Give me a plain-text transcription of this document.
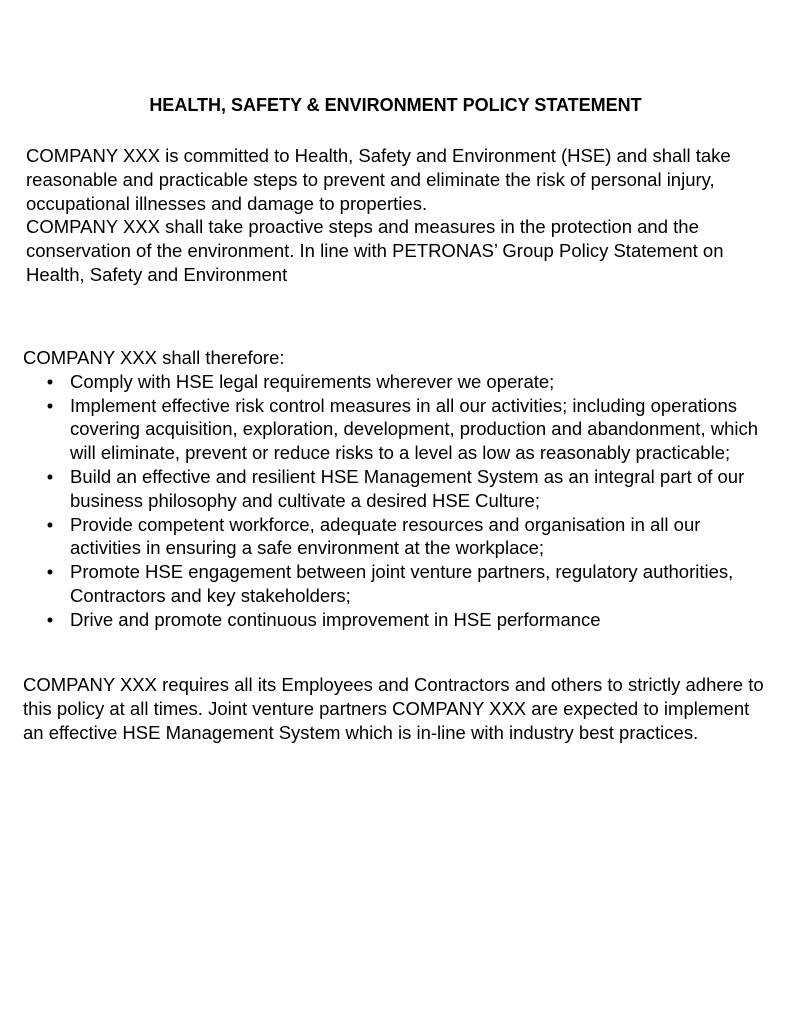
HEALTH, SAFETY & ENVIRONMENT POLICY STATEMENT

COMPANY XXX is committed to Health, Safety and Environment (HSE) and shall take reasonable and practicable steps to prevent and eliminate the risk of personal injury, occupational illnesses and damage to properties.

COMPANY XXX shall take proactive steps and measures in the protection and the conservation of the environment. In line with PETRONAS’ Group Policy Statement on Health, Safety and Environment

COMPANY XXX shall therefore:

• Comply with HSE legal requirements wherever we operate;
• Implement effective risk control measures in all our activities; including operations covering acquisition, exploration, development, production and abandonment, which will eliminate, prevent or reduce risks to a level as low as reasonably practicable;
• Build an effective and resilient HSE Management System as an integral part of our business philosophy and cultivate a desired HSE Culture;
• Provide competent workforce, adequate resources and organisation in all our activities in ensuring a safe environment at the workplace;
• Promote HSE engagement between joint venture partners, regulatory authorities, Contractors and key stakeholders;
• Drive and promote continuous improvement in HSE performance

COMPANY XXX requires all its Employees and Contractors and others to strictly adhere to this policy at all times. Joint venture partners COMPANY XXX are expected to implement an effective HSE Management System which is in-line with industry best practices.
